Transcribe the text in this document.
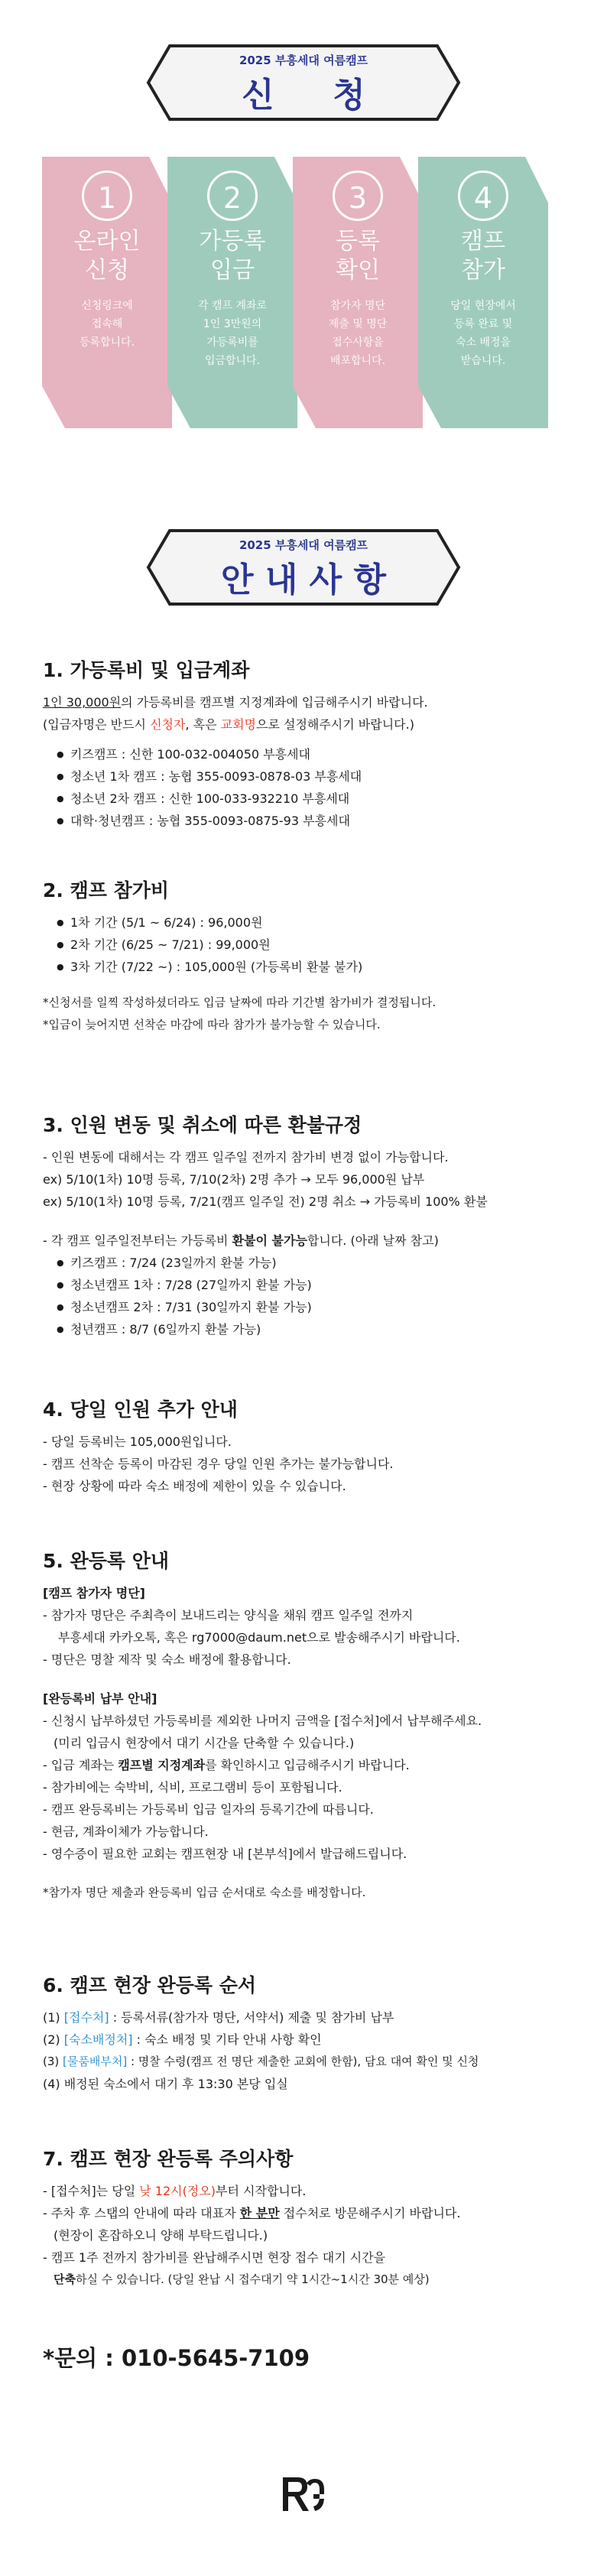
2025 부흥세대 여름캠프
신     청
1
온라인
신청
신청링크에
접속해
등록합니다.
2
가등록
입금
각 캠프 계좌로
1인 3만원의
가등록비를
입금합니다.
3
등록
확인
참가자 명단
제출 및 명단
접수사항을
배포합니다.
4
캠프
참가
당일 현장에서
등록 완료 및
숙소 배정을
받습니다.
2025 부흥세대 여름캠프
안 내 사 항
1. 가등록비 및 입금계좌

1인 30,000원의 가등록비를 캠프별 지정계좌에 입금해주시기 바랍니다.

(입금자명은 반드시 신청자, 혹은 교회명으로 설정해주시기 바랍니다.)

● 키즈캠프 : 신한 100-032-004050 부흥세대

● 청소년 1차 캠프 : 농협 355-0093-0878-03 부흥세대

● 청소년 2차 캠프 : 신한 100-033-932210 부흥세대

● 대학·청년캠프 : 농협 355-0093-0875-93 부흥세대

2. 캠프 참가비

● 1차 기간 (5/1 ~ 6/24) : 96,000원

● 2차 기간 (6/25 ~ 7/21) : 99,000원

● 3차 기간 (7/22 ~) : 105,000원 (가등록비 환불 불가)

*신청서를 일찍 작성하셨더라도 입금 날짜에 따라 기간별 참가비가 결정됩니다.

*입금이 늦어지면 선착순 마감에 따라 참가가 불가능할 수 있습니다.

3. 인원 변동 및 취소에 따른 환불규정

- 인원 변동에 대해서는 각 캠프 일주일 전까지 참가비 변경 없이 가능합니다.

ex) 5/10(1차) 10명 등록, 7/10(2차) 2명 추가 → 모두 96,000원 납부

ex) 5/10(1차) 10명 등록, 7/21(캠프 일주일 전) 2명 취소 → 가등록비 100% 환불

- 각 캠프 일주일전부터는 가등록비 환불이 불가능합니다. (아래 날짜 참고)

● 키즈캠프 : 7/24 (23일까지 환불 가능)

● 청소년캠프 1차 : 7/28 (27일까지 환불 가능)

● 청소년캠프 2차 : 7/31 (30일까지 환불 가능)

● 청년캠프 : 8/7 (6일까지 환불 가능)

4. 당일 인원 추가 안내

- 당일 등록비는 105,000원입니다.

- 캠프 선착순 등록이 마감된 경우 당일 인원 추가는 불가능합니다.

- 현장 상황에 따라 숙소 배정에 제한이 있을 수 있습니다.

5. 완등록 안내

[캠프 참가자 명단]

- 참가자 명단은 주최측이 보내드리는 양식을 채워 캠프 일주일 전까지

부흥세대 카카오톡, 혹은 rg7000@daum.net으로 발송해주시기 바랍니다.

- 명단은 명찰 제작 및 숙소 배정에 활용합니다.

[완등록비 납부 안내]

- 신청시 납부하셨던 가등록비를 제외한 나머지 금액을 [접수처]에서 납부해주세요.

(미리 입금시 현장에서 대기 시간을 단축할 수 있습니다.)

- 입금 계좌는 캠프별 지정계좌를 확인하시고 입금해주시기 바랍니다.

- 참가비에는 숙박비, 식비, 프로그램비 등이 포함됩니다.

- 캠프 완등록비는 가등록비 입금 일자의 등록기간에 따릅니다.

- 현금, 계좌이체가 가능합니다.

- 영수증이 필요한 교회는 캠프현장 내 [본부석]에서 발급해드립니다.

*참가자 명단 제출과 완등록비 입금 순서대로 숙소를 배정합니다.

6. 캠프 현장 완등록 순서

(1) [접수처] : 등록서류(참가자 명단, 서약서) 제출 및 참가비 납부

(2) [숙소배정처] : 숙소 배정 및 기타 안내 사항 확인

(3) [물품배부처] : 명찰 수령(캠프 전 명단 제출한 교회에 한함), 담요 대여 확인 및 신청

(4) 배정된 숙소에서 대기 후 13:30 본당 입실

7. 캠프 현장 완등록 주의사항

- [접수처]는 당일 낮 12시(정오)부터 시작합니다.

- 주차 후 스탭의 안내에 따라 대표자 한 분만 접수처로 방문해주시기 바랍니다.

(현장이 혼잡하오니 양해 부탁드립니다.)

- 캠프 1주 전까지 참가비를 완납해주시면 현장 접수 대기 시간을

단축하실 수 있습니다. (당일 완납 시 접수대기 약 1시간~1시간 30분 예상)

*문의 : 010-5645-7109
